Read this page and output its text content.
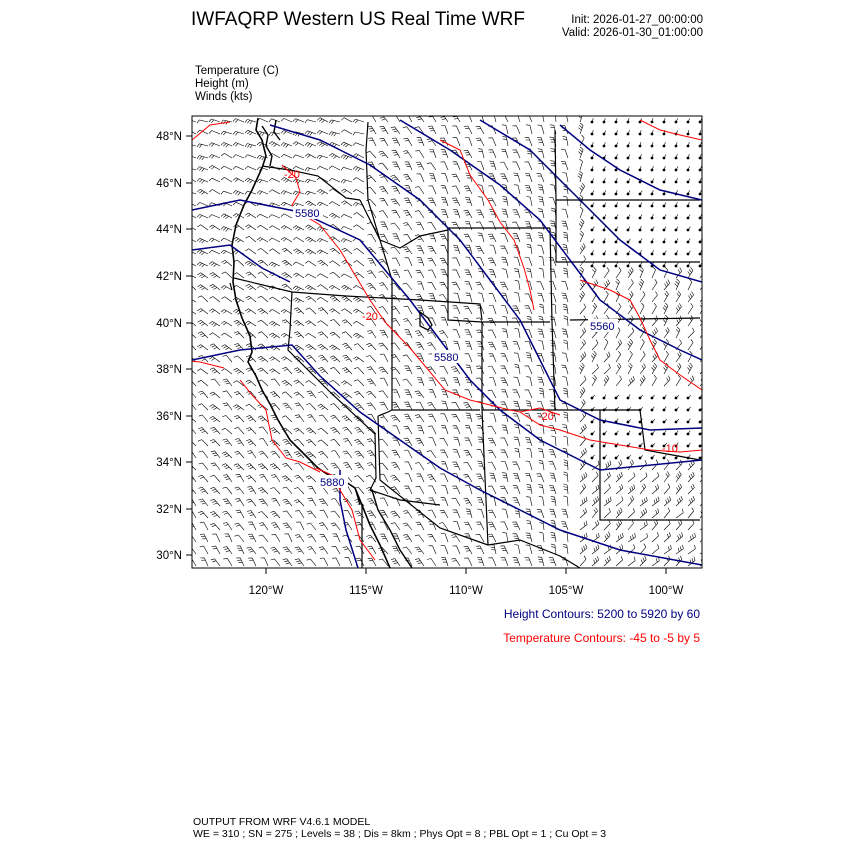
IWFAQRP Western US Real Time WRF	Init: 2026-01-27_00:00:00
Valid: 2026-01-30_01:00:00
Temperature (C)
Height (m)
Winds (kts)
48°N
46°N
44°N
42°N
40°N
38°N
36°N
34°N
32°N
30°N
120°W	115°W	110°W	105°W	100°W
5580
5580
5560
5880
-20
-20
-20
-10
Height Contours: 5200 to 5920 by 60
Temperature Contours: -45 to -5 by 5
OUTPUT FROM WRF V4.6.1 MODEL
WE = 310 ; SN = 275 ; Levels = 38 ; Dis = 8km ; Phys Opt = 8 ; PBL Opt = 1 ; Cu Opt = 3
